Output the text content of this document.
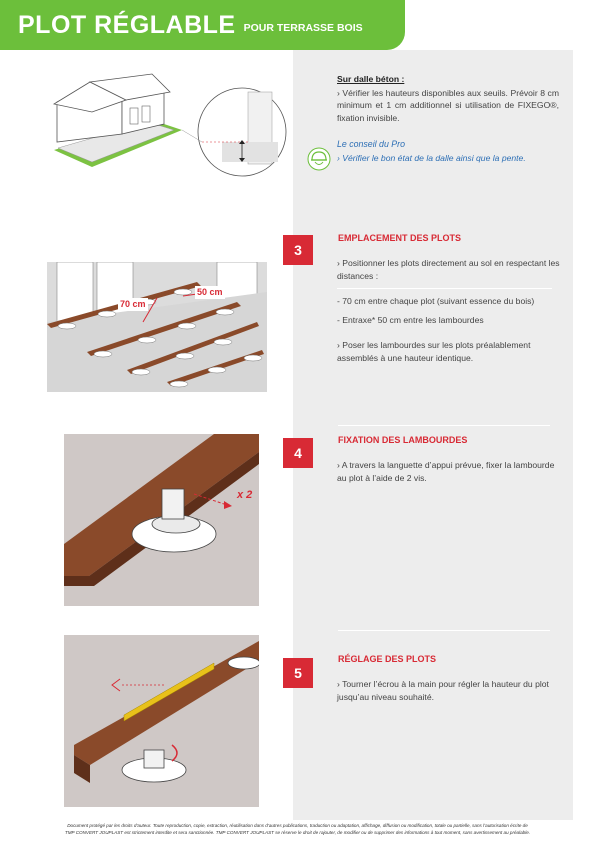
PLOT RÉGLABLE POUR TERRASSE BOIS

Sur dalle béton :

› Vérifier les hauteurs disponibles aux seuils. Prévoir 8 cm minimum et 1 cm additionnel si utilisation de FIXEGO®, fixation invisible.

Le conseil du Pro

› Vérifier le bon état de la dalle ainsi que la pente.

3
EMPLACEMENT DES PLOTS

› Positionner les plots directement au sol en respectant les distances :

- 70 cm entre chaque plot (suivant essence du bois)

- Entraxe* 50 cm entre les lambourdes

› Poser les lambourdes sur les plots préalablement assemblés à une hauteur identique.

70 cm
50 cm
4
FIXATION DES LAMBOURDES

› A travers la languette d’appui prévue, fixer la lambourde au plot à l’aide de 2 vis.

x 2
5
RÉGLAGE DES PLOTS

› Tourner l’écrou à la main pour régler la hauteur du plot jusqu’au niveau souhaité.

Document protégé par les droits d’auteur. Toute reproduction, copie, extraction, réutilisation dans d’autres publications, traduction ou adaptation, affichage, diffusion ou modification, totale ou partielle, sans l’autorisation écrite de
TMP CONVERT JOUPLAST est strictement interdite et sera sanctionnée. TMP CONVERT JOUPLAST se réserve le droit de rajouter, de modifier ou de supprimer des informations à tout moment, sans avertissement au préalable.
